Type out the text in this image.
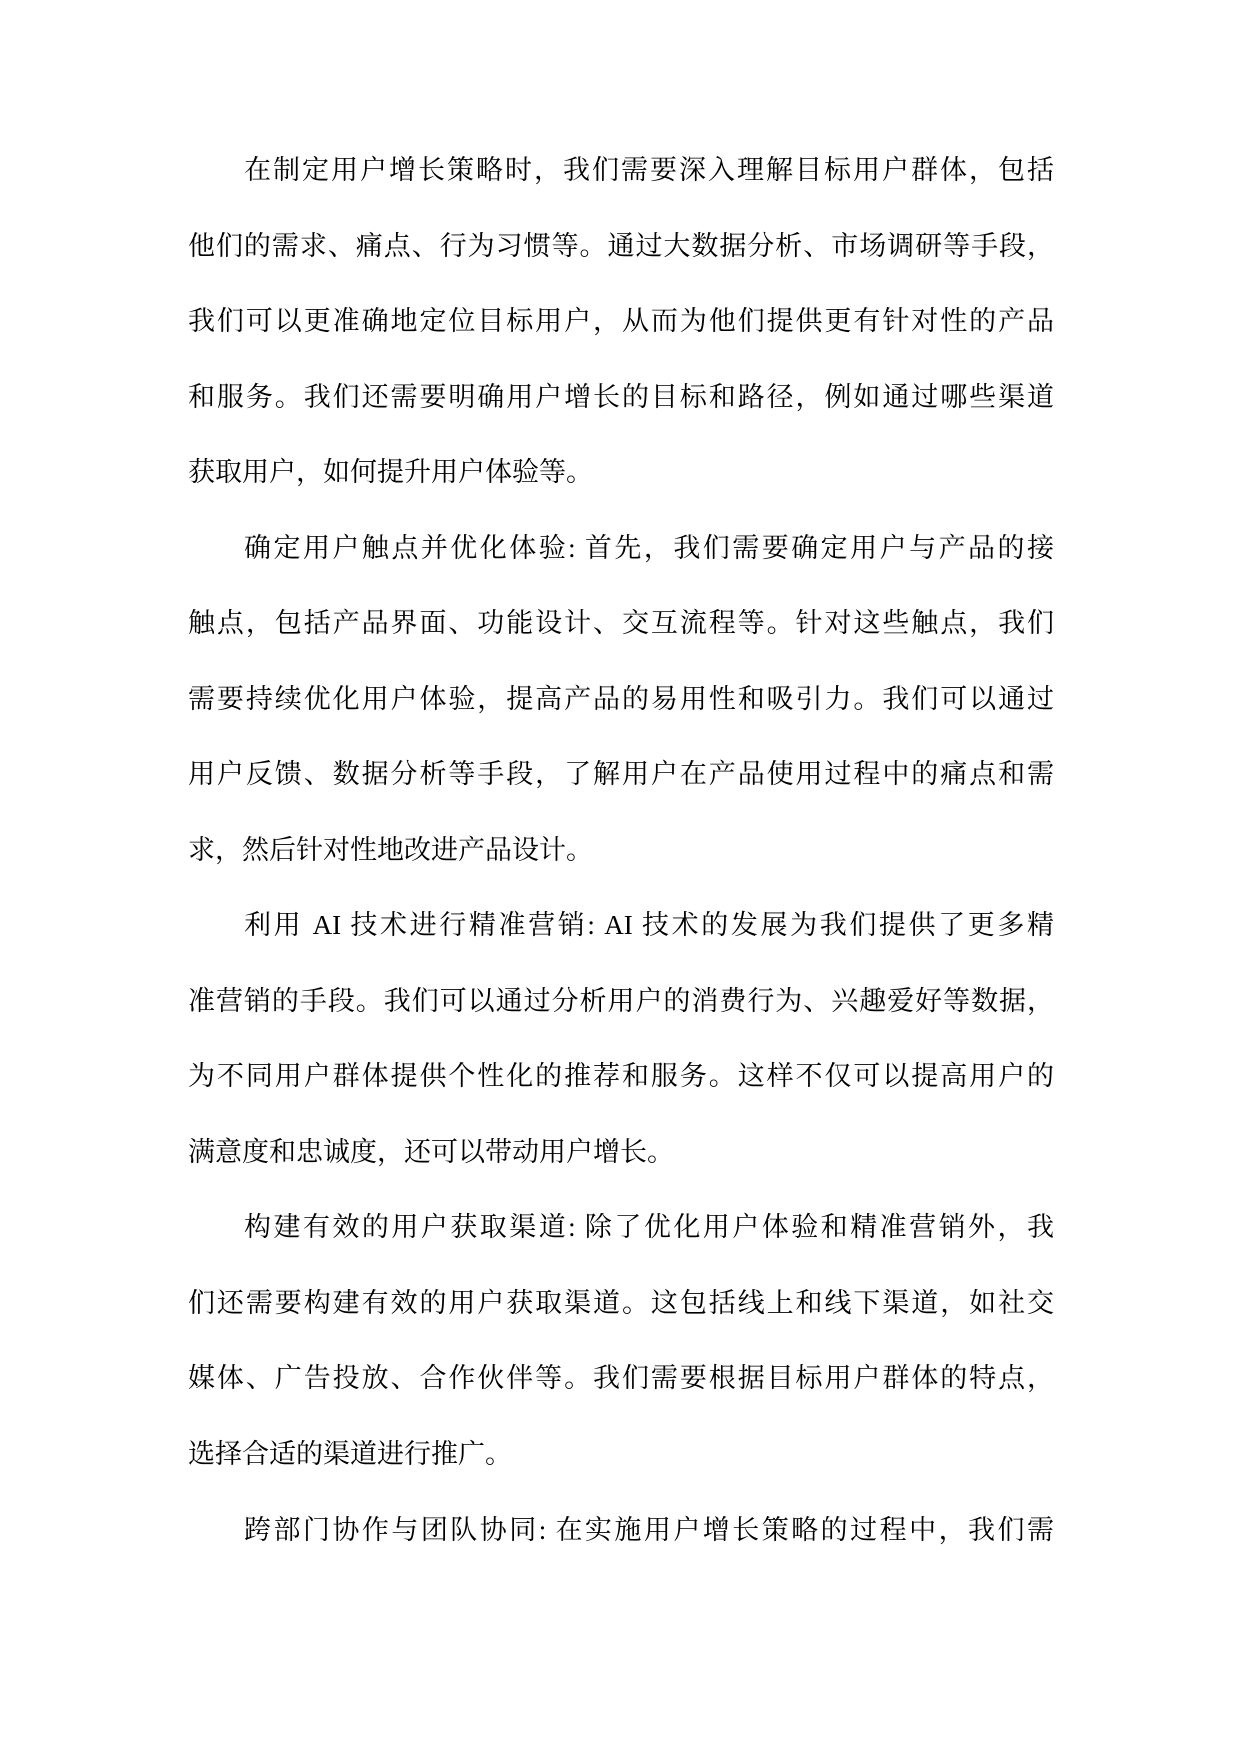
在制定用户增长策略时，我们需要深入理解目标用户群体，包括
他们的需求、痛点、行为习惯等。通过大数据分析、市场调研等手段，
我们可以更准确地定位目标用户，从而为他们提供更有针对性的产品
和服务。我们还需要明确用户增长的目标和路径，例如通过哪些渠道
获取用户，如何提升用户体验等。
确定用户触点并优化体验: 首先，我们需要确定用户与产品的接
触点，包括产品界面、功能设计、交互流程等。针对这些触点，我们
需要持续优化用户体验，提高产品的易用性和吸引力。我们可以通过
用户反馈、数据分析等手段，了解用户在产品使用过程中的痛点和需
求，然后针对性地改进产品设计。
利用 AI 技术进行精准营销: AI 技术的发展为我们提供了更多精
准营销的手段。我们可以通过分析用户的消费行为、兴趣爱好等数据，
为不同用户群体提供个性化的推荐和服务。这样不仅可以提高用户的
满意度和忠诚度，还可以带动用户增长。
构建有效的用户获取渠道: 除了优化用户体验和精准营销外，我
们还需要构建有效的用户获取渠道。这包括线上和线下渠道，如社交
媒体、广告投放、合作伙伴等。我们需要根据目标用户群体的特点，
选择合适的渠道进行推广。
跨部门协作与团队协同: 在实施用户增长策略的过程中，我们需
